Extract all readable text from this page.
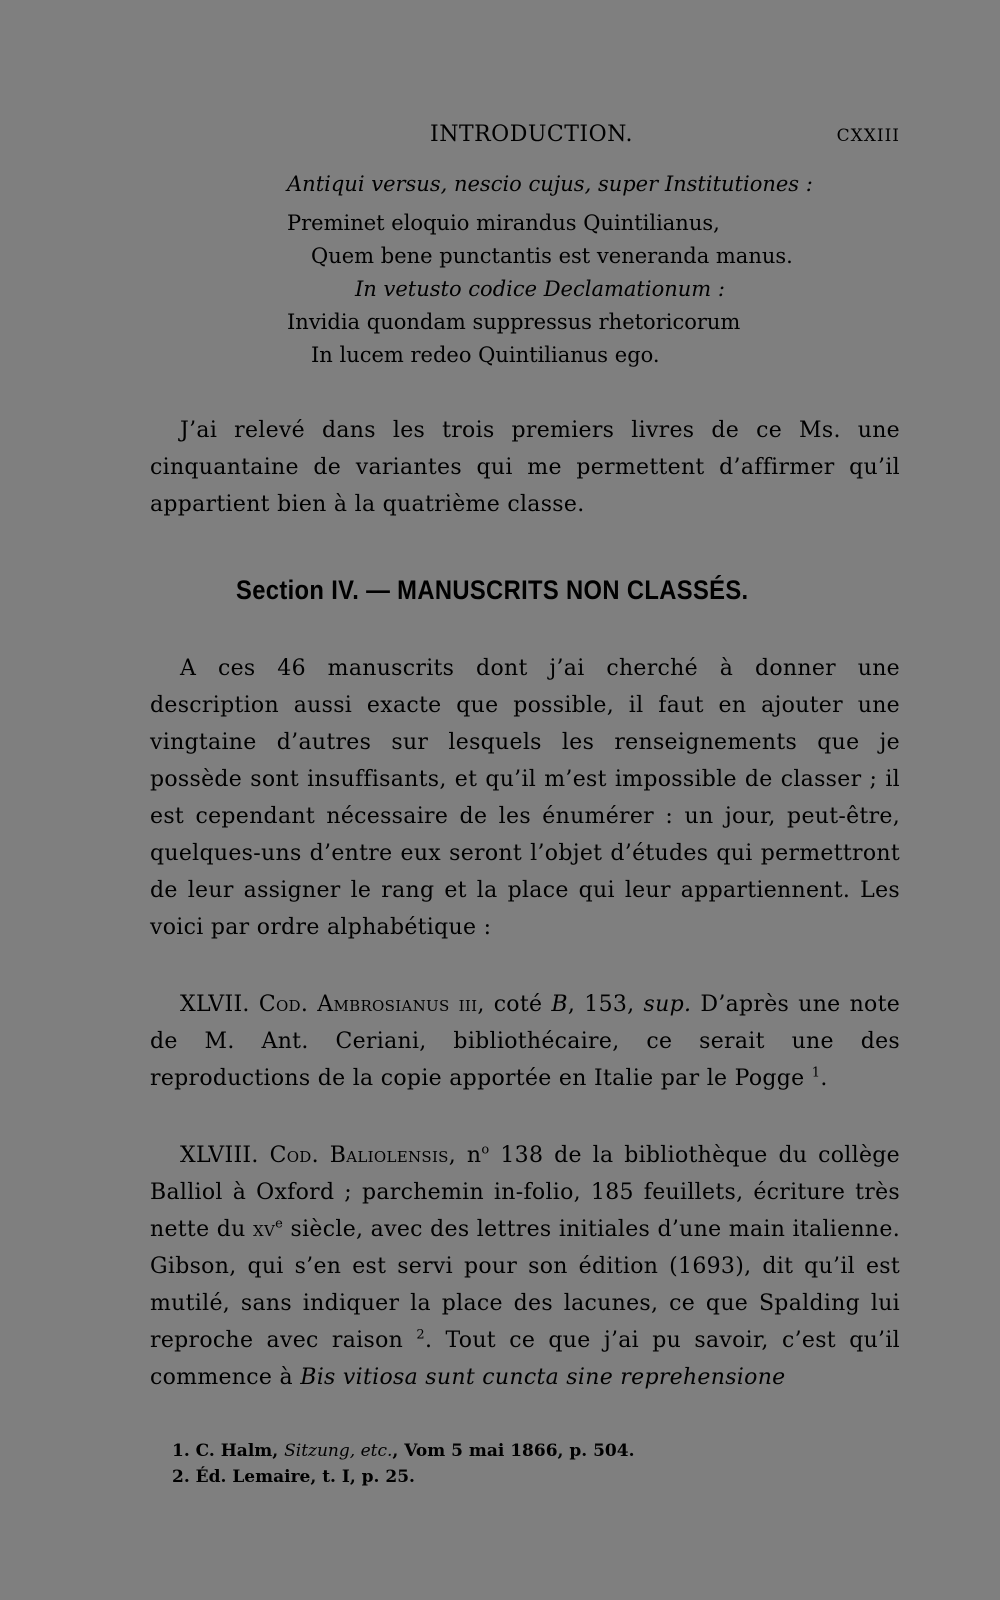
INTRODUCTION.	CXXIII

Antiqui versus, nescio cujus, super Institutiones :

Preminet eloquio mirandus Quintilianus,

Quem bene punctantis est veneranda manus.

In vetusto codice Declamationum :

Invidia quondam suppressus rhetoricorum

In lucem redeo Quintilianus ego.

J’ai relevé dans les trois premiers livres de ce Ms. une cinquantaine de variantes qui me permettent d’affirmer qu’il appartient bien à la quatrième classe.

Section IV. — MANUSCRITS NON CLASSÉS.

A ces 46 manuscrits dont j’ai cherché à donner une description aussi exacte que possible, il faut en ajouter une vingtaine d’autres sur lesquels les renseignements que je possède sont insuffisants, et qu’il m’est impossible de classer ; il est cependant nécessaire de les énumérer : un jour, peut-être, quelques-uns d’entre eux seront l’objet d’études qui permettront de leur assigner le rang et la place qui leur appartiennent. Les voici par ordre alphabétique :

XLVII. Cod. Ambrosianus iii, coté B, 153, sup. D’après une note de M. Ant. Ceriani, bibliothécaire, ce serait une des reproductions de la copie apportée en Italie par le Pogge $^1$.

XLVIII. Cod. Baliolensis, $n^o$ 138 de la bibliothèque du collège Balliol à Oxford ; parchemin in-folio, 185 feuillets, écriture très nette du $xv^e$ siècle, avec des lettres initiales d’une main italienne. Gibson, qui s’en est servi pour son édition (1693), dit qu’il est mutilé, sans indiquer la place des lacunes, ce que Spalding lui reproche avec raison $^2$. Tout ce que j’ai pu savoir, c’est qu’il commence à Bis vitiosa sunt cuncta sine reprehensione

1. C. Halm, Sitzung, etc., Vom 5 mai 1866, p. 504.

2. Éd. Lemaire, t. I, p. 25.
